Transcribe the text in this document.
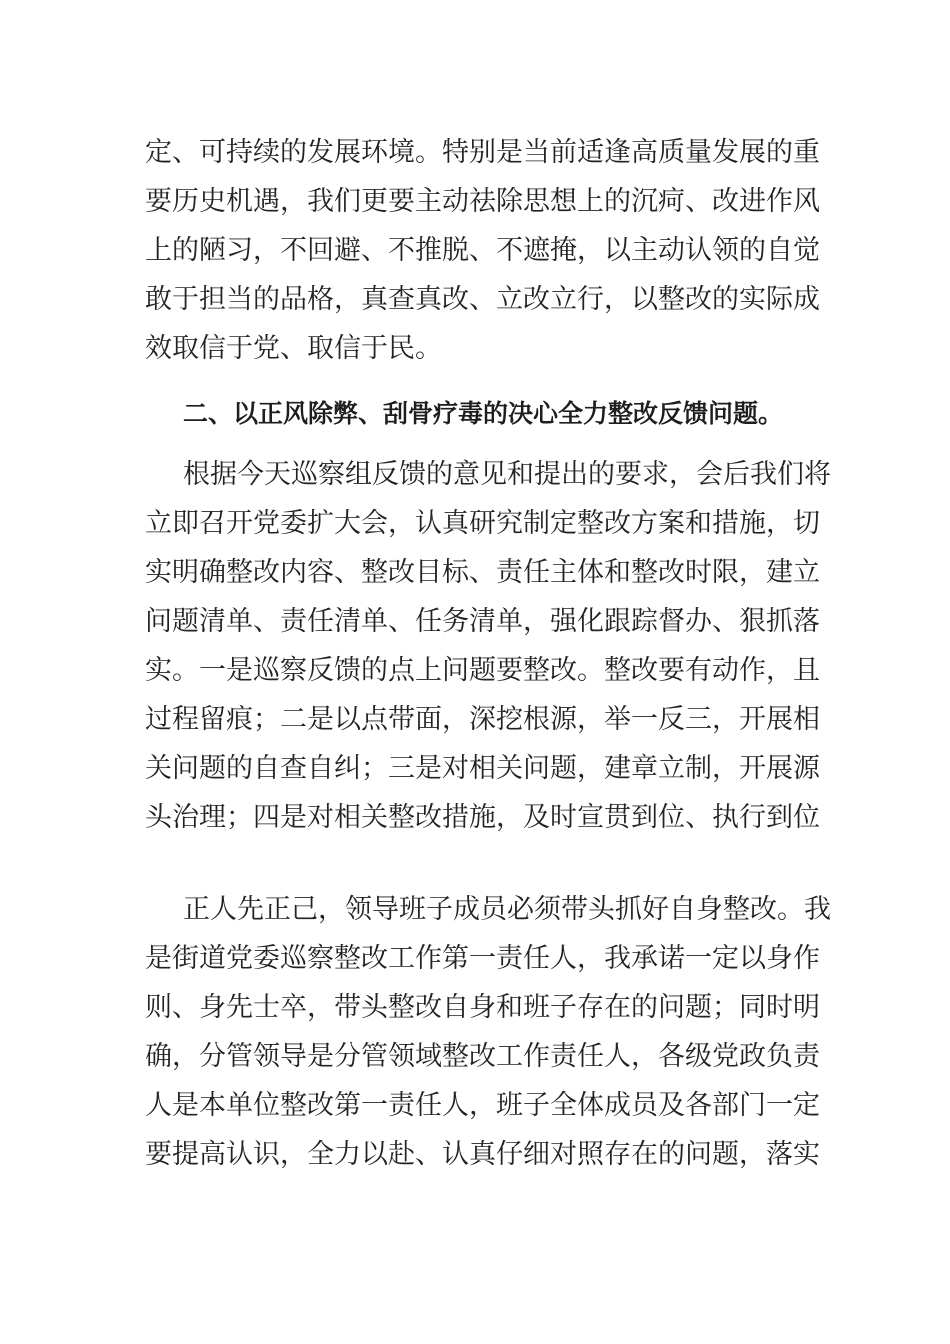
定、可持续的发展环境。特别是当前适逢高质量发展的重
要历史机遇，我们更要主动祛除思想上的沉疴、改进作风
上的陋习，不回避、不推脱、不遮掩，以主动认领的自觉
敢于担当的品格，真查真改、立改立行，以整改的实际成
效取信于党、取信于民。
二、以正风除弊、刮骨疗毒的决心全力整改反馈问题。
根据今天巡察组反馈的意见和提出的要求，会后我们将
立即召开党委扩大会，认真研究制定整改方案和措施，切
实明确整改内容、整改目标、责任主体和整改时限，建立
问题清单、责任清单、任务清单，强化跟踪督办、狠抓落
实。一是巡察反馈的点上问题要整改。整改要有动作，且
过程留痕；二是以点带面，深挖根源，举一反三，开展相
关问题的自查自纠；三是对相关问题，建章立制，开展源
头治理；四是对相关整改措施，及时宣贯到位、执行到位
正人先正己，领导班子成员必须带头抓好自身整改。我
是街道党委巡察整改工作第一责任人，我承诺一定以身作
则、身先士卒，带头整改自身和班子存在的问题；同时明
确，分管领导是分管领域整改工作责任人，各级党政负责
人是本单位整改第一责任人，班子全体成员及各部门一定
要提高认识，全力以赴、认真仔细对照存在的问题，落实
